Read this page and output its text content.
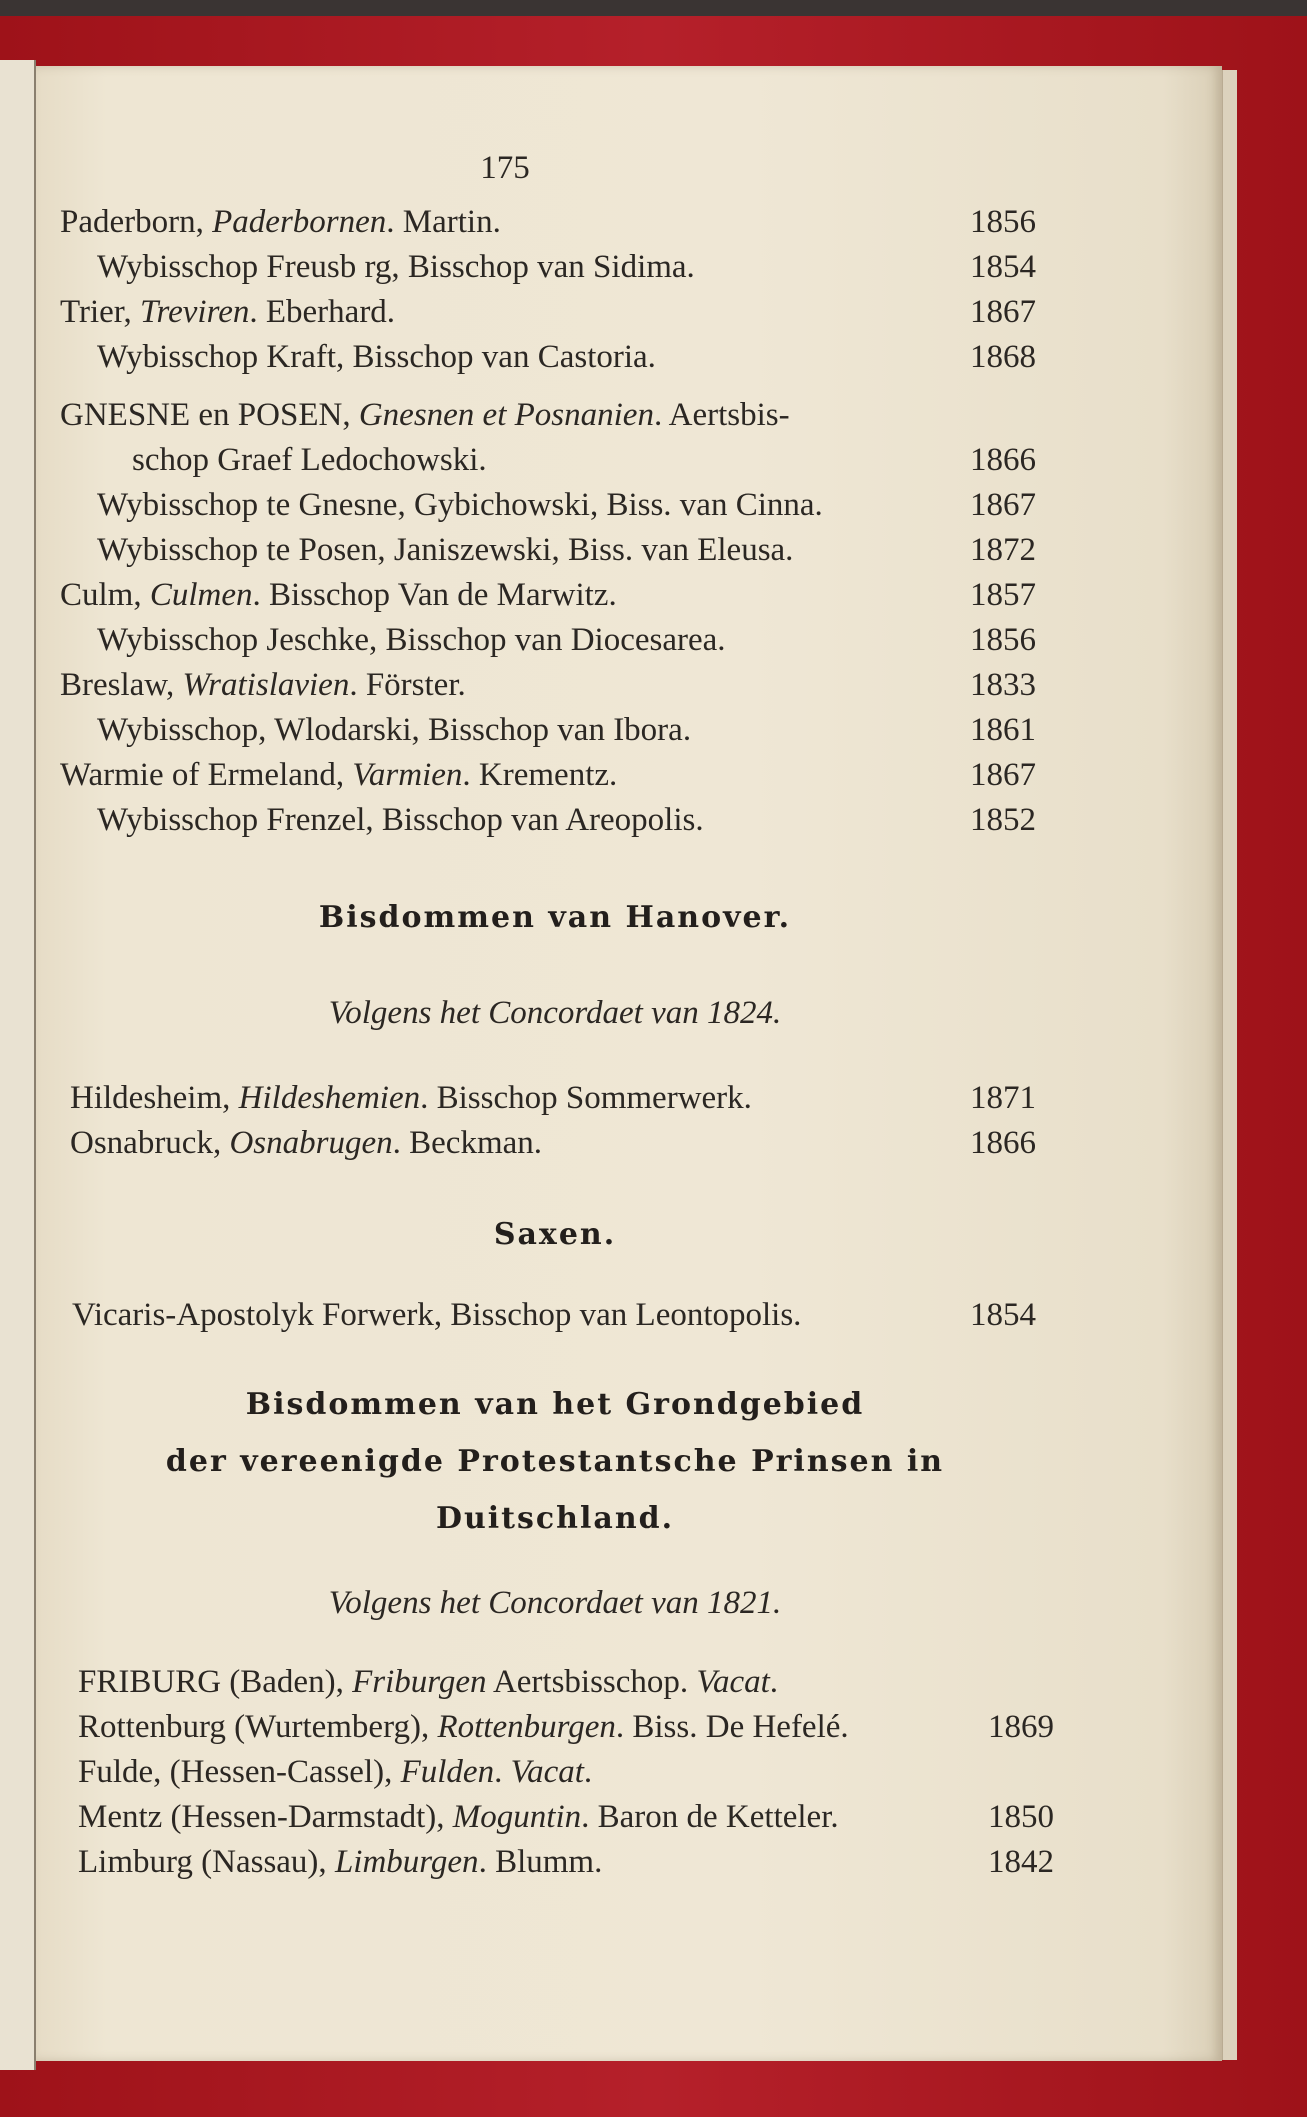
175
Paderborn, Paderbornen. Martin.	1856
Wybisschop Freusb rg, Bisschop van Sidima.	1854
Trier, Treviren. Eberhard.	1867
Wybisschop Kraft, Bisschop van Castoria.	1868
GNESNE en POSEN, Gnesnen et Posnanien. Aertsbis-
schop Graef Ledochowski.	1866
Wybisschop te Gnesne, Gybichowski, Biss. van Cinna.	1867
Wybisschop te Posen, Janiszewski, Biss. van Eleusa.	1872
Culm, Culmen. Bisschop Van de Marwitz.	1857
Wybisschop Jeschke, Bisschop van Diocesarea.	1856
Breslaw, Wratislavien. Förster.	1833
Wybisschop, Wlodarski, Bisschop van Ibora.	1861
Warmie of Ermeland, Varmien. Krementz.	1867
Wybisschop Frenzel, Bisschop van Areopolis.	1852
Bisdommen van Hanover.
Volgens het Concordaet van 1824.
Hildesheim, Hildeshemien. Bisschop Sommerwerk.	1871
Osnabruck, Osnabrugen. Beckman.	1866
Saxen.
Vicaris-Apostolyk Forwerk, Bisschop van Leontopolis.	1854
Bisdommen van het Grondgebied
der vereenigde Protestantsche Prinsen in
Duitschland.
Volgens het Concordaet van 1821.
FRIBURG (Baden), Friburgen Aertsbisschop. Vacat.
Rottenburg (Wurtemberg), Rottenburgen. Biss. De Hefelé.	1869
Fulde, (Hessen-Cassel), Fulden. Vacat.
Mentz (Hessen-Darmstadt), Moguntin. Baron de Ketteler.	1850
Limburg (Nassau), Limburgen. Blumm.	1842
